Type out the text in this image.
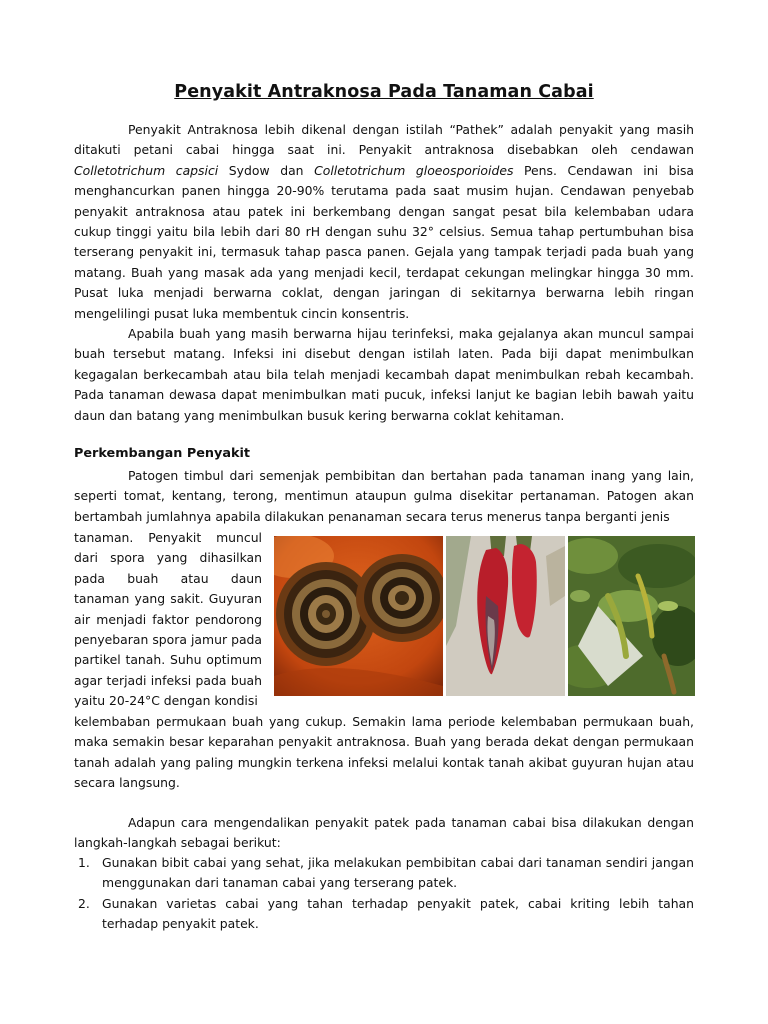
Penyakit Antraknosa Pada Tanaman Cabai

Penyakit Antraknosa lebih dikenal dengan istilah “Pathek” adalah penyakit yang masih ditakuti petani cabai hingga saat ini. Penyakit antraknosa disebabkan oleh cendawan Colletotrichum capsici Sydow dan Colletotrichum gloeosporioides Pens. Cendawan ini bisa menghancurkan panen hingga 20-90% terutama pada saat musim hujan. Cendawan penyebab penyakit antraknosa atau patek ini berkembang dengan sangat pesat bila kelembaban udara cukup tinggi yaitu bila lebih dari 80 rH dengan suhu 32° celsius. Semua tahap pertumbuhan bisa terserang penyakit ini, termasuk tahap pasca panen. Gejala yang tampak terjadi pada buah yang matang. Buah yang masak ada yang menjadi kecil, terdapat cekungan melingkar hingga 30 mm. Pusat luka menjadi berwarna coklat, dengan jaringan di sekitarnya berwarna lebih ringan mengelilingi pusat luka membentuk cincin konsentris.

Apabila buah yang masih berwarna hijau terinfeksi, maka gejalanya akan muncul sampai buah tersebut matang. Infeksi ini disebut dengan istilah laten. Pada biji dapat menimbulkan kegagalan berkecambah atau bila telah menjadi kecambah dapat menimbulkan rebah kecambah. Pada tanaman dewasa dapat menimbulkan mati pucuk, infeksi lanjut ke bagian lebih bawah yaitu daun dan batang yang menimbulkan busuk kering berwarna coklat kehitaman.

Perkembangan Penyakit

Patogen timbul dari semenjak pembibitan dan bertahan pada tanaman inang yang lain, seperti tomat, kentang, terong, mentimun ataupun gulma disekitar pertanaman. Patogen akan bertambah jumlahnya apabila dilakukan penanaman secara terus menerus tanpa berganti jenis

tanaman. Penyakit muncul dari spora yang dihasilkan pada buah atau daun tanaman yang sakit. Guyuran air menjadi faktor pendorong penyebaran spora jamur pada partikel tanah. Suhu optimum agar terjadi infeksi pada buah yaitu 20-24°C dengan kondisi

kelembaban permukaan buah yang cukup. Semakin lama periode kelembaban permukaan buah, maka semakin besar keparahan penyakit antraknosa. Buah yang berada dekat dengan permukaan tanah adalah yang paling mungkin terkena infeksi melalui kontak tanah akibat guyuran hujan atau secara langsung.

Adapun cara mengendalikan penyakit patek pada tanaman cabai bisa dilakukan dengan langkah-langkah sebagai berikut:

1. Gunakan bibit cabai yang sehat, jika melakukan pembibitan cabai dari tanaman sendiri jangan menggunakan dari tanaman cabai yang terserang patek.
2. Gunakan varietas cabai yang tahan terhadap penyakit patek, cabai kriting lebih tahan terhadap penyakit patek.
